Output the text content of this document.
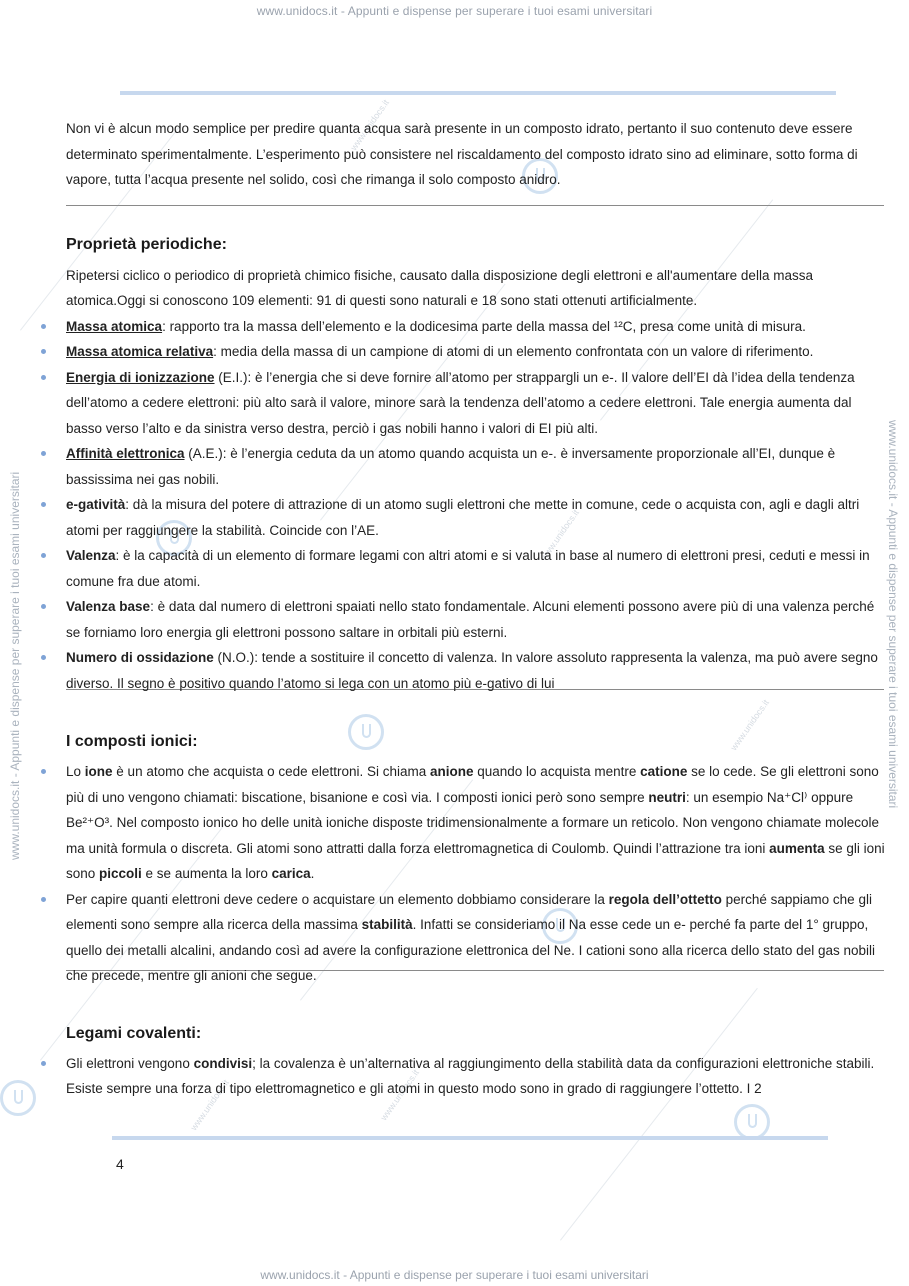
www.unidocs.it
www.unidocs.it
www.unidocs.it
www.unidocs.it
www.unidocs.it
www.unidocs.it - Appunti e dispense per superare i tuoi esami universitari
www.unidocs.it - Appunti e dispense per superare i tuoi esami universitari	www.unidocs.it - Appunti e dispense per superare i tuoi esami universitari

Non vi è alcun modo semplice per predire quanta acqua sarà presente in un composto idrato, pertanto il suo contenuto deve essere determinato sperimentalmente. L’esperimento può consistere nel riscaldamento del composto idrato sino ad eliminare, sotto forma di vapore, tutta l’acqua presente nel solido, così che rimanga il solo composto anidro.

Proprietà periodiche:

Ripetersi ciclico o periodico di proprietà chimico fisiche, causato dalla disposizione degli elettroni e all'aumentare della massa atomica.Oggi si conoscono 109 elementi: 91 di questi sono naturali e 18 sono stati ottenuti artificialmente.

Massa atomica: rapporto tra la massa dell’elemento e la dodicesima parte della massa del ¹²C, presa come unità di misura.
Massa atomica relativa: media della massa di un campione di atomi di un elemento confrontata con un valore di riferimento.
Energia di ionizzazione (E.I.): è l’energia che si deve fornire all’atomo per strappargli un e-. Il valore dell’EI dà l’idea della tendenza dell’atomo a cedere elettroni: più alto sarà il valore, minore sarà la tendenza dell’atomo a cedere elettroni. Tale energia aumenta dal basso verso l’alto e da sinistra verso destra, perciò i gas nobili hanno i valori di EI più alti.
Affinità elettronica (A.E.): è l’energia ceduta da un atomo quando acquista un e-. è inversamente proporzionale all’EI, dunque è bassissima nei gas nobili.
e-gatività: dà la misura del potere di attrazione di un atomo sugli elettroni che mette in comune, cede o acquista con, agli e dagli altri atomi per raggiungere la stabilità. Coincide con l’AE.
Valenza: è la capacità di un elemento di formare legami con altri atomi e si valuta in base al numero di elettroni presi, ceduti e messi in comune fra due atomi.
Valenza base: è data dal numero di elettroni spaiati nello stato fondamentale. Alcuni elementi possono avere più di una valenza perché se forniamo loro energia gli elettroni possono saltare in orbitali più esterni.
Numero di ossidazione (N.O.): tende a sostituire il concetto di valenza. In valore assoluto rappresenta la valenza, ma può avere segno diverso. Il segno è positivo quando l’atomo si lega con un atomo più e-gativo di lui
I composti ionici:
Lo ione è un atomo che acquista o cede elettroni. Si chiama anione quando lo acquista mentre catione se lo cede. Se gli elettroni sono più di uno vengono chiamati: biscatione, bisanione e così via. I composti ionici però sono sempre neutri: un esempio Na⁺Cl⁾ oppure Be²⁺O³. Nel composto ionico ho delle unità ioniche disposte tridimensionalmente a formare un reticolo. Non vengono chiamate molecole ma unità formula o discreta. Gli atomi sono attratti dalla forza elettromagnetica di Coulomb. Quindi l’attrazione tra ioni aumenta se gli ioni sono piccoli e se aumenta la loro carica.
Per capire quanti elettroni deve cedere o acquistare un elemento dobbiamo considerare la regola dell’ottetto perché sappiamo che gli elementi sono sempre alla ricerca della massima stabilità. Infatti se consideriamo il Na esse cede un e- perché fa parte del 1° gruppo, quello dei metalli alcalini, andando così ad avere la configurazione elettronica del Ne. I cationi sono alla ricerca dello stato del gas nobili che precede, mentre gli anioni che segue.
Legami covalenti:
Gli elettroni vengono condivisi; la covalenza è un’alternativa al raggiungimento della stabilità data da configurazioni elettroniche stabili. Esiste sempre una forza di tipo elettromagnetico e gli atomi in questo modo sono in grado di raggiungere l’ottetto. I 2
4
www.unidocs.it - Appunti e dispense per superare i tuoi esami universitari
